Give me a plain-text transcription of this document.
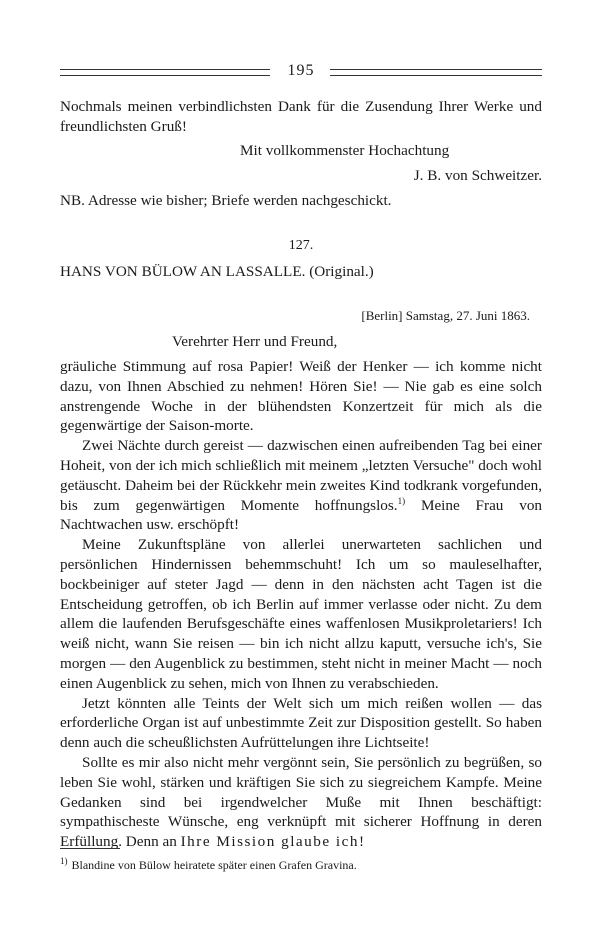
195
Nochmals meinen verbindlichsten Dank für die Zusendung Ihrer Werke und freundlichsten Gruß!
Mit vollkommenster Hochachtung
J. B. von Schweitzer.
NB. Adresse wie bisher; Briefe werden nachgeschickt.
127.
HANS VON BÜLOW AN LASSALLE. (Original.)
[Berlin] Samstag, 27. Juni 1863.
Verehrter Herr und Freund,

gräuliche Stimmung auf rosa Papier! Weiß der Henker — ich komme nicht dazu, von Ihnen Abschied zu nehmen! Hören Sie! — Nie gab es eine solch anstrengende Woche in der blühendsten Konzertzeit für mich als die gegenwärtige der Saison-morte.

Zwei Nächte durch gereist — dazwischen einen aufreibenden Tag bei einer Hoheit, von der ich mich schließlich mit meinem „letzten Versuche" doch wohl getäuscht. Daheim bei der Rückkehr mein zweites Kind todkrank vorgefunden, bis zum gegenwärtigen Momente hoffnungslos.$^{1)}$ Meine Frau von Nachtwachen usw. erschöpft!

Meine Zukunftspläne von allerlei unerwarteten sachlichen und persönlichen Hindernissen behemmschuht! Ich um so mauleselhafter, bockbeiniger auf steter Jagd — denn in den nächsten acht Tagen ist die Entscheidung getroffen, ob ich Berlin auf immer verlasse oder nicht. Zu dem allem die laufenden Berufsgeschäfte eines waffenlosen Musikproletariers! Ich weiß nicht, wann Sie reisen — bin ich nicht allzu kaputt, versuche ich's, Sie morgen — den Augenblick zu bestimmen, steht nicht in meiner Macht — noch einen Augenblick zu sehen, mich von Ihnen zu verabschieden.

Jetzt könnten alle Teints der Welt sich um mich reißen wollen — das erforderliche Organ ist auf unbestimmte Zeit zur Disposition gestellt. So haben denn auch die scheußlichsten Aufrüttelungen ihre Lichtseite!

Sollte es mir also nicht mehr vergönnt sein, Sie persönlich zu begrüßen, so leben Sie wohl, stärken und kräftigen Sie sich zu siegreichem Kampfe. Meine Gedanken sind bei irgendwelcher Muße mit Ihnen beschäftigt: sympathischeste Wünsche, eng verknüpft mit sicherer Hoffnung in deren Erfüllung. Denn an Ihre Mission glaube ich!

$^{1)}$ Blandine von Bülow heiratete später einen Grafen Gravina.
